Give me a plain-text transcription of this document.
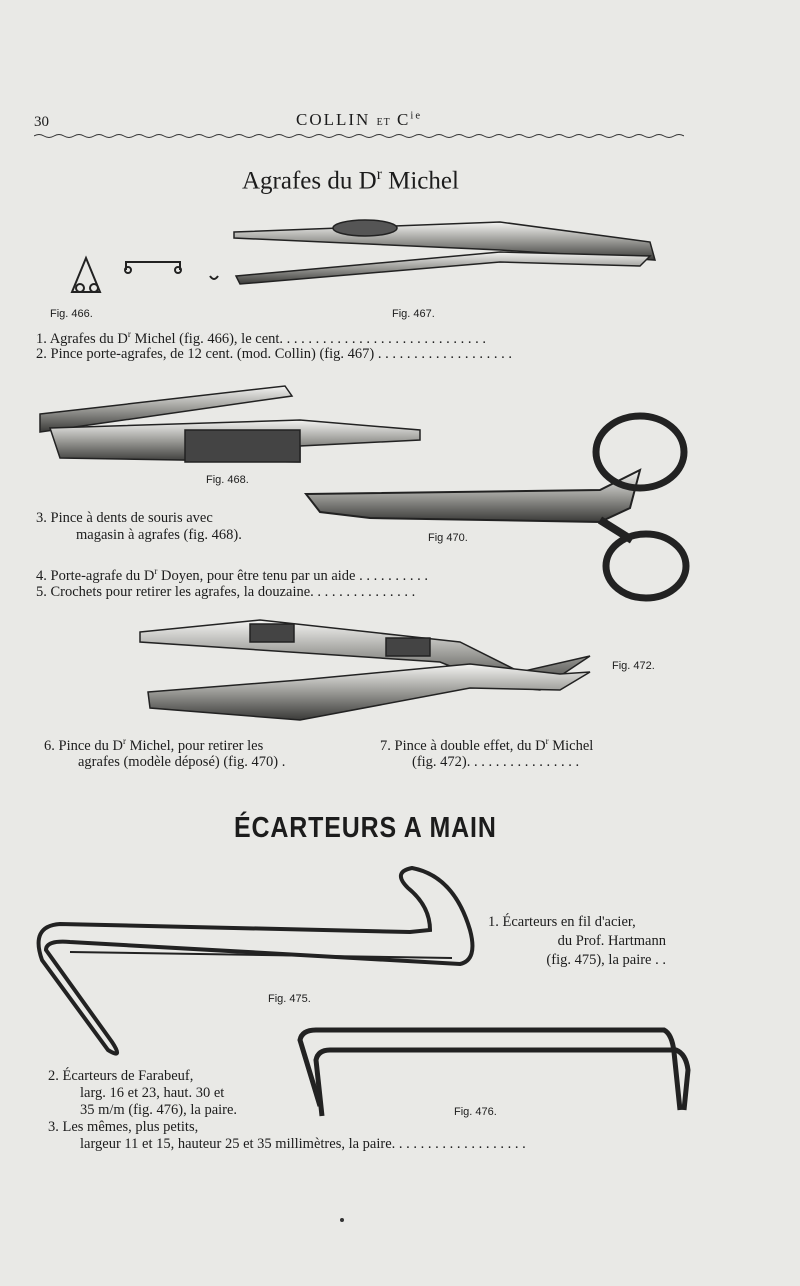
30	COLLIN ET $C^{ie}$
Agrafes du $D^r$ Michel
Fig. 466.	Fig. 467.
1. Agrafes du $D^r$ Michel (fig. 466), le cent. . . . . . . . . . . . . . . . . . . . . . . . . . . . .
2. Pince porte-agrafes, de 12 cent. (mod. Collin) (fig. 467) . . . . . . . . . . . . . . . . . . .
Fig. 468.
3. Pince à dents de souris avec
magasin à agrafes (fig. 468).	Fig 470.
4. Porte-agrafe du $D^r$ Doyen, pour être tenu par un aide . . . . . . . . . .
5. Crochets pour retirer les agrafes, la douzaine. . . . . . . . . . . . . . .
Fig. 472.
6. Pince du $D^r$ Michel, pour retirer les
agrafes (modèle déposé) (fig. 470) .
7. Pince à double effet, du $D^r$ Michel
(fig. 472). . . . . . . . . . . . . . . .
ÉCARTEURS A MAIN
1. Écarteurs en fil d'acier,
du Prof. Hartmann
(fig. 475), la paire . .
Fig. 475.
2. Écarteurs de Farabeuf,
larg. 16 et 23, haut. 30 et
35 m/m (fig. 476), la paire.	Fig. 476.
3. Les mêmes, plus petits,
largeur 11 et 15, hauteur 25 et 35 millimètres, la paire. . . . . . . . . . . . . . . . . . .
